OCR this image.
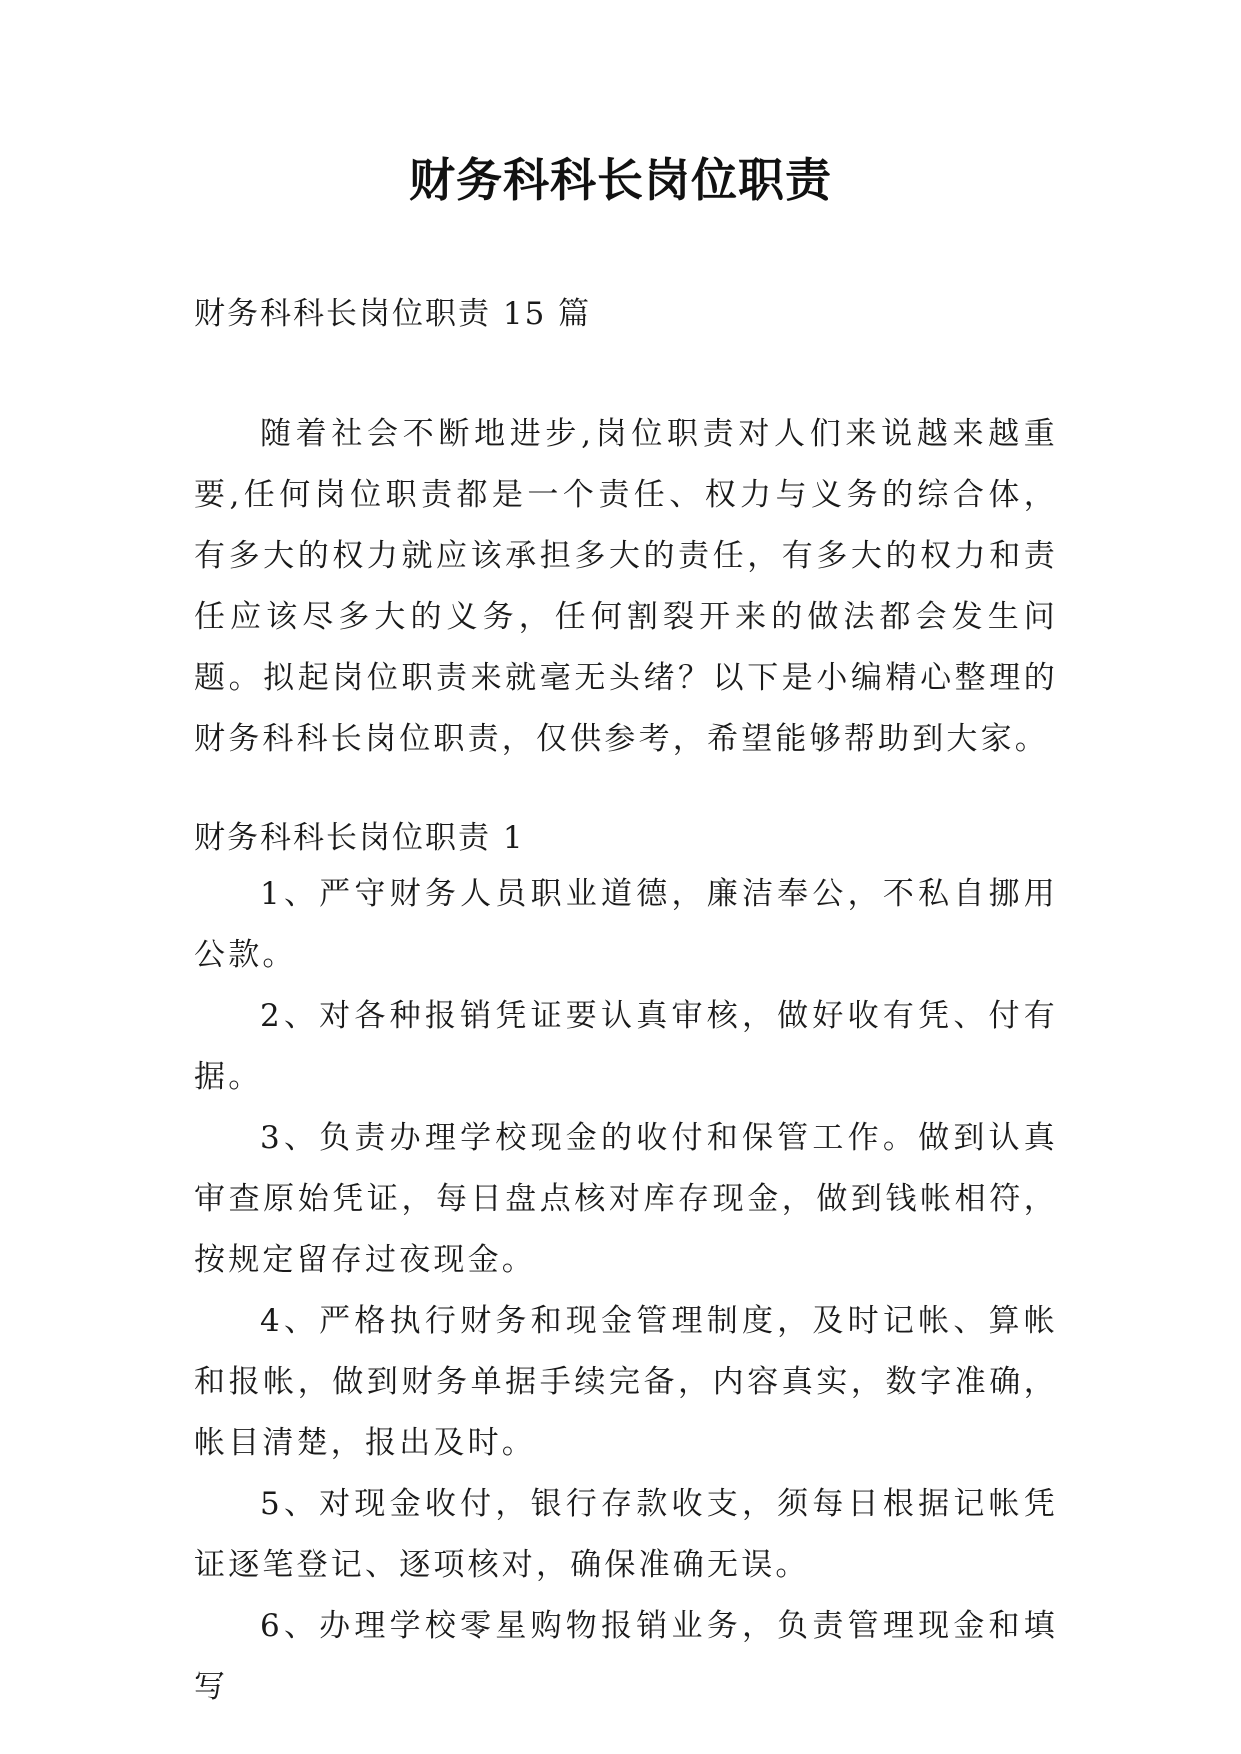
财务科科长岗位职责
财务科科长岗位职责 15 篇

随着社会不断地进步,岗位职责对人们来说越来越重要,任何岗位职责都是一个责任、权力与义务的综合体，有多大的权力就应该承担多大的责任，有多大的权力和责任应该尽多大的义务，任何割裂开来的做法都会发生问题。拟起岗位职责来就毫无头绪？以下是小编精心整理的财务科科长岗位职责，仅供参考，希望能够帮助到大家。

财务科科长岗位职责 1

1、严守财务人员职业道德，廉洁奉公，不私自挪用公款。

2、对各种报销凭证要认真审核，做好收有凭、付有据。

3、负责办理学校现金的收付和保管工作。做到认真审查原始凭证，每日盘点核对库存现金，做到钱帐相符，按规定留存过夜现金。

4、严格执行财务和现金管理制度，及时记帐、算帐和报帐，做到财务单据手续完备，内容真实，数字准确，帐目清楚，报出及时。

5、对现金收付，银行存款收支，须每日根据记帐凭证逐笔登记、逐项核对，确保准确无误。

6、办理学校零星购物报销业务，负责管理现金和填写
